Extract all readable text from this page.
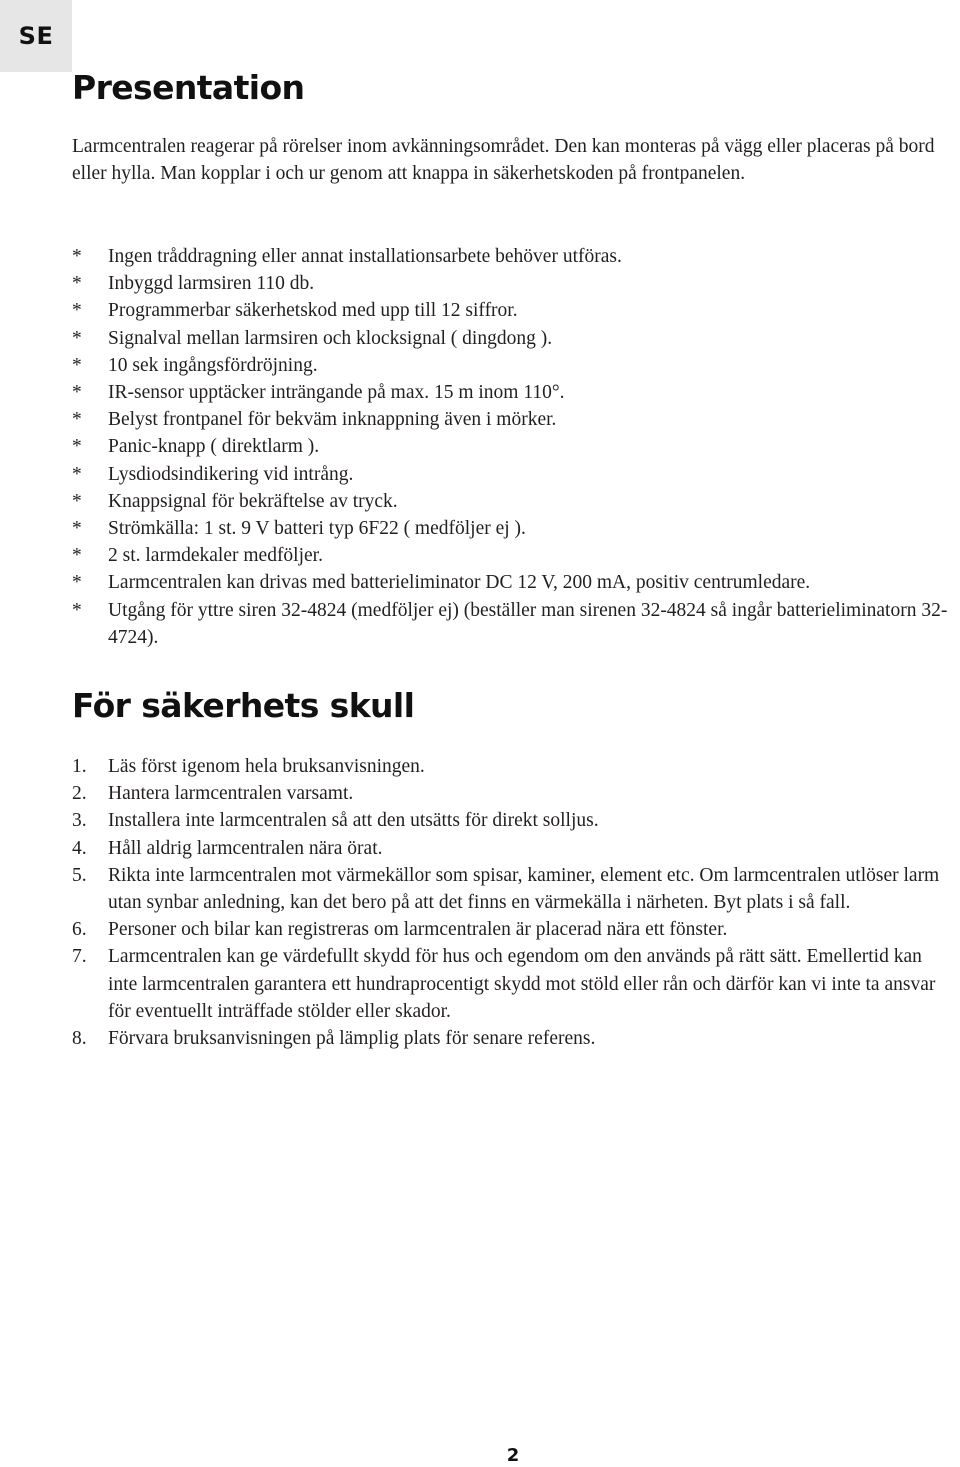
SE
Presentation

Larmcentralen reagerar på rörelser inom avkänningsområdet. Den kan monteras på vägg eller placeras på bord eller hylla. Man kopplar i och ur genom att knappa in säkerhetskoden på frontpanelen.

*	Ingen tråddragning eller annat installationsarbete behöver utföras.
*	Inbyggd larmsiren 110 db.
*	Programmerbar säkerhetskod med upp till 12 siffror.
*	Signalval mellan larmsiren och klocksignal ( dingdong ).
*	10 sek ingångsfördröjning.
*	IR-sensor upptäcker inträngande på max. 15 m inom 110°.
*	Belyst frontpanel för bekväm inknappning även i mörker.
*	Panic-knapp ( direktlarm ).
*	Lysdiodsindikering vid intrång.
*	Knappsignal för bekräftelse av tryck.
*	Strömkälla: 1 st. 9 V batteri typ 6F22 ( medföljer ej ).
*	2 st. larmdekaler medföljer.
*	Larmcentralen kan drivas med batterieliminator DC 12 V, 200 mA, positiv centrumledare.
*	Utgång för yttre siren 32-4824 (medföljer ej) (beställer man sirenen 32-4824 så ingår batterieliminatorn 32-4724).
För säkerhets skull
1.	Läs först igenom hela bruksanvisningen.
2.	Hantera larmcentralen varsamt.
3.	Installera inte larmcentralen så att den utsätts för direkt solljus.
4.	Håll aldrig larmcentralen nära örat.
5.	Rikta inte larmcentralen mot värmekällor som spisar, kaminer, element etc. Om larmcentralen utlöser larm utan synbar anledning, kan det bero på att det finns en värmekälla i närheten. Byt plats i så fall.
6.	Personer och bilar kan registreras om larmcentralen är placerad nära ett fönster.
7.	Larmcentralen kan ge värdefullt skydd för hus och egendom om den används på rätt sätt. Emellertid kan inte larmcentralen garantera ett hundraprocentigt skydd mot stöld eller rån och därför kan vi inte ta ansvar för eventuellt inträffade stölder eller skador.
8.	Förvara bruksanvisningen på lämplig plats för senare referens.
2
